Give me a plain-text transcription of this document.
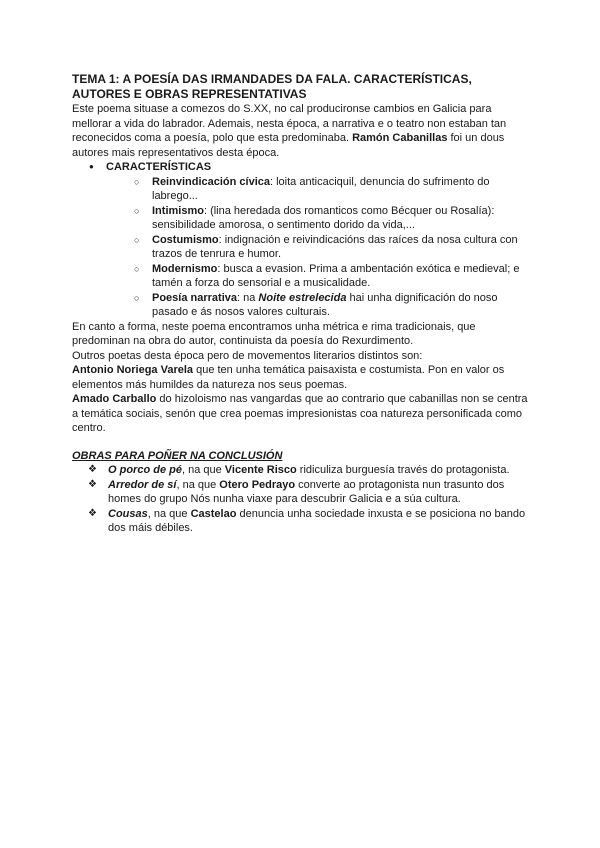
TEMA 1: A POESÍA DAS IRMANDADES DA FALA. CARACTERÍSTICAS, AUTORES E OBRAS REPRESENTATIVAS

Este poema situase a comezos do S.XX, no cal producironse cambios en Galicia para mellorar a vida do labrador. Ademais, nesta época, a narrativa e o teatro non estaban tan reconecidos coma a poesía, polo que esta predominaba. Ramón Cabanillas foi un dous autores mais representativos desta época.

● CARACTERÍSTICAS
○ Reinvindicación cívica: loita anticaciquil, denuncia do sufrimento do labrego...
○ Intimismo: (lina heredada dos romanticos como Bécquer ou Rosalía): sensibilidade amorosa, o sentimento dorido da vida,...
○ Costumismo: indignación e reivindicacións das raíces da nosa cultura con trazos de tenrura e humor.
○ Modernismo: busca a evasion. Prima a ambentación exótica e medieval; e tamén a forza do sensorial e a musicalidade.
○ Poesía narrativa: na Noite estrelecida hai unha dignificación do noso pasado e ás nosos valores culturais.

En canto a forma, neste poema encontramos unha métrica e rima tradicionais, que predominan na obra do autor, continuista da poesía do Rexurdimento.

Outros poetas desta época pero de movementos literarios distintos son:

Antonio Noriega Varela que ten unha temática paisaxista e costumista. Pon en valor os elementos más humildes da natureza nos seus poemas.

Amado Carballo do hizoloismo nas vangardas que ao contrario que cabanillas non se centra a temática sociais, senón que crea poemas impresionistas coa natureza personificada como centro.

OBRAS PARA POÑER NA CONCLUSIÓN

❖ O porco de pé, na que Vicente Risco ridiculiza burguesía través do protagonista.
❖ Arredor de sí, na que Otero Pedrayo converte ao protagonista nun trasunto dos homes do grupo Nós nunha viaxe para descubrir Galicia e a súa cultura.
❖ Cousas, na que Castelao denuncia unha sociedade inxusta e se posiciona no bando dos máis débiles.
